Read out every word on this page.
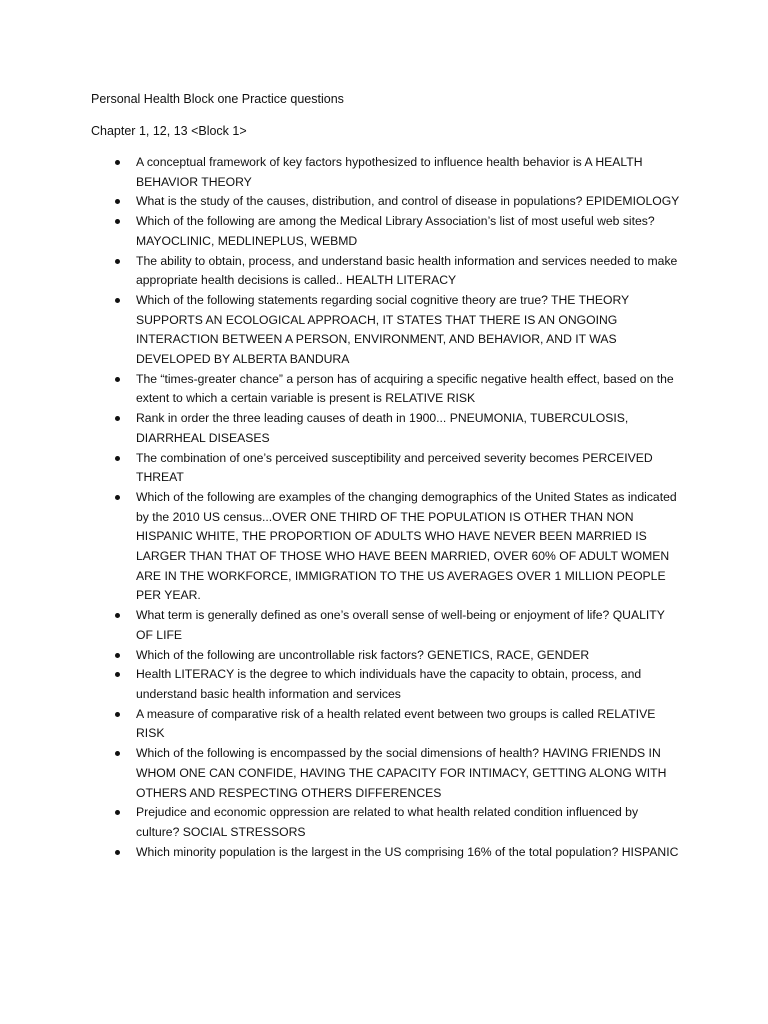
Personal Health Block one Practice questions
Chapter 1, 12, 13 <Block 1>
A conceptual framework of key factors hypothesized to influence health behavior is A HEALTH BEHAVIOR THEORY
What is the study of the causes, distribution, and control of disease in populations? EPIDEMIOLOGY
Which of the following are among the Medical Library Association’s list of most useful web sites? MAYOCLINIC, MEDLINEPLUS, WEBMD
The ability to obtain, process, and understand basic health information and services needed to make appropriate health decisions is called.. HEALTH LITERACY
Which of the following statements regarding social cognitive theory are true? THE THEORY SUPPORTS AN ECOLOGICAL APPROACH, IT STATES THAT THERE IS AN ONGOING INTERACTION BETWEEN A PERSON, ENVIRONMENT, AND BEHAVIOR, AND IT WAS DEVELOPED BY ALBERTA BANDURA
The “times-greater chance” a person has of acquiring a specific negative health effect, based on the extent to which a certain variable is present is RELATIVE RISK
Rank in order the three leading causes of death in 1900... PNEUMONIA, TUBERCULOSIS, DIARRHEAL DISEASES
The combination of one’s perceived susceptibility and perceived severity becomes PERCEIVED THREAT
Which of the following are examples of the changing demographics of the United States as indicated by the 2010 US census...OVER ONE THIRD OF THE POPULATION IS OTHER THAN NON HISPANIC WHITE, THE PROPORTION OF ADULTS WHO HAVE NEVER BEEN MARRIED IS LARGER THAN THAT OF THOSE WHO HAVE BEEN MARRIED, OVER 60% OF ADULT WOMEN ARE IN THE WORKFORCE, IMMIGRATION TO THE US AVERAGES OVER 1 MILLION PEOPLE PER YEAR.
What term is generally defined as one’s overall sense of well-being or enjoyment of life? QUALITY OF LIFE
Which of the following are uncontrollable risk factors? GENETICS, RACE, GENDER
Health LITERACY is the degree to which individuals have the capacity to obtain, process, and understand basic health information and services
A measure of comparative risk of a health related event between two groups is called RELATIVE RISK
Which of the following is encompassed by the social dimensions of health? HAVING FRIENDS IN WHOM ONE CAN CONFIDE, HAVING THE CAPACITY FOR INTIMACY, GETTING ALONG WITH OTHERS AND RESPECTING OTHERS DIFFERENCES
Prejudice and economic oppression are related to what health related condition influenced by culture? SOCIAL STRESSORS
Which minority population is the largest in the US comprising 16% of the total population? HISPANIC
